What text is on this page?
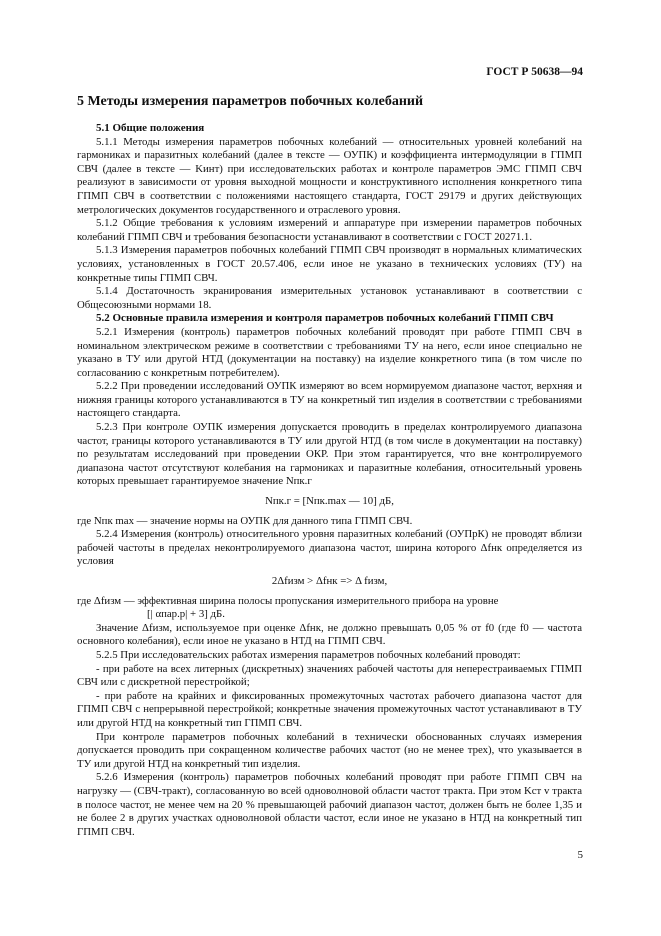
ГОСТ Р 50638—94
5 Методы измерения параметров побочных колебаний
5.1 Общие положения

5.1.1 Методы измерения параметров побочных колебаний — относительных уровней колебаний на гармониках и паразитных колебаний (далее в тексте — ОУПК) и коэффициента интермодуляции в ГПМП СВЧ (далее в тексте — Kинт) при исследовательских работах и контроле параметров ЭМС ГПМП СВЧ реализуют в зависимости от уровня выходной мощности и конструктивного исполнения конкретного типа ГПМП СВЧ в соответствии с положениями настоящего стандарта, ГОСТ 29179 и других действующих метрологических документов государственного и отраслевого уровня.

5.1.2 Общие требования к условиям измерений и аппаратуре при измерении параметров побочных колебаний ГПМП СВЧ и требования безопасности устанавливают в соответствии с ГОСТ 20271.1.

5.1.3 Измерения параметров побочных колебаний ГПМП СВЧ производят в нормальных климатических условиях, установленных в ГОСТ 20.57.406, если иное не указано в технических условиях (ТУ) на конкретные типы ГПМП СВЧ.

5.1.4 Достаточность экранирования измерительных установок устанавливают в соответствии с Общесоюзными нормами 18.

5.2 Основные правила измерения и контроля параметров побочных колебаний ГПМП СВЧ

5.2.1 Измерения (контроль) параметров побочных колебаний проводят при работе ГПМП СВЧ в номинальном электрическом режиме в соответствии с требованиями ТУ на него, если иное специально не указано в ТУ или другой НТД (документации на поставку) на изделие конкретного типа (в том числе по согласованию с конкретным потребителем).

5.2.2 При проведении исследований ОУПК измеряют во всем нормируемом диапазоне частот, верхняя и нижняя границы которого устанавливаются в ТУ на конкретный тип изделия в соответствии с требованиями настоящего стандарта.

5.2.3 При контроле ОУПК измерения допускается проводить в пределах контролируемого диапазона частот, границы которого устанавливаются в ТУ или другой НТД (в том числе в документации на поставку) по результатам исследований при проведении ОКР. При этом гарантируется, что вне контролируемого диапазона частот отсутствуют колебания на гармониках и паразитные колебания, относительный уровень которых превышает гарантируемое значение Nпк.г

Nпк.г = [Nпк.max — 10] дБ,

где Nпк max — значение нормы на ОУПК для данного типа ГПМП СВЧ.

5.2.4 Измерения (контроль) относительного уровня паразитных колебаний (ОУПрК) не проводят вблизи рабочей частоты в пределах неконтролируемого диапазона частот, ширина которого Δfнк определяется из условия

2Δfизм > Δfнк => Δ fизм,

где Δfизм — эффективная ширина полосы пропускания измерительного прибора на уровне

[| αпар.р| + 3] дБ.

Значение Δfизм, используемое при оценке Δfнк, не должно превышать 0,05 % от f0 (где f0 — частота основного колебания), если иное не указано в НТД на ГПМП СВЧ.

5.2.5 При исследовательских работах измерения параметров побочных колебаний проводят:

- при работе на всех литерных (дискретных) значениях рабочей частоты для неперестраиваемых ГПМП СВЧ или с дискретной перестройкой;

- при работе на крайних и фиксированных промежуточных частотах рабочего диапазона частот для ГПМП СВЧ с непрерывной перестройкой; конкретные значения промежуточных частот устанавливают в ТУ или другой НТД на конкретный тип ГПМП СВЧ.

При контроле параметров побочных колебаний в технически обоснованных случаях измерения допускается проводить при сокращенном количестве рабочих частот (но не менее трех), что указывается в ТУ или другой НТД на конкретный тип изделия.

5.2.6 Измерения (контроль) параметров побочных колебаний проводят при работе ГПМП СВЧ на нагрузку — (СВЧ-тракт), согласованную во всей одноволновой области частот тракта. При этом Kст v тракта в полосе частот, не менее чем на 20 % превышающей рабочий диапазон частот, должен быть не более 1,35 и не более 2 в других участках одноволновой области частот, если иное не указано в НТД на конкретный тип ГПМП СВЧ.

5
